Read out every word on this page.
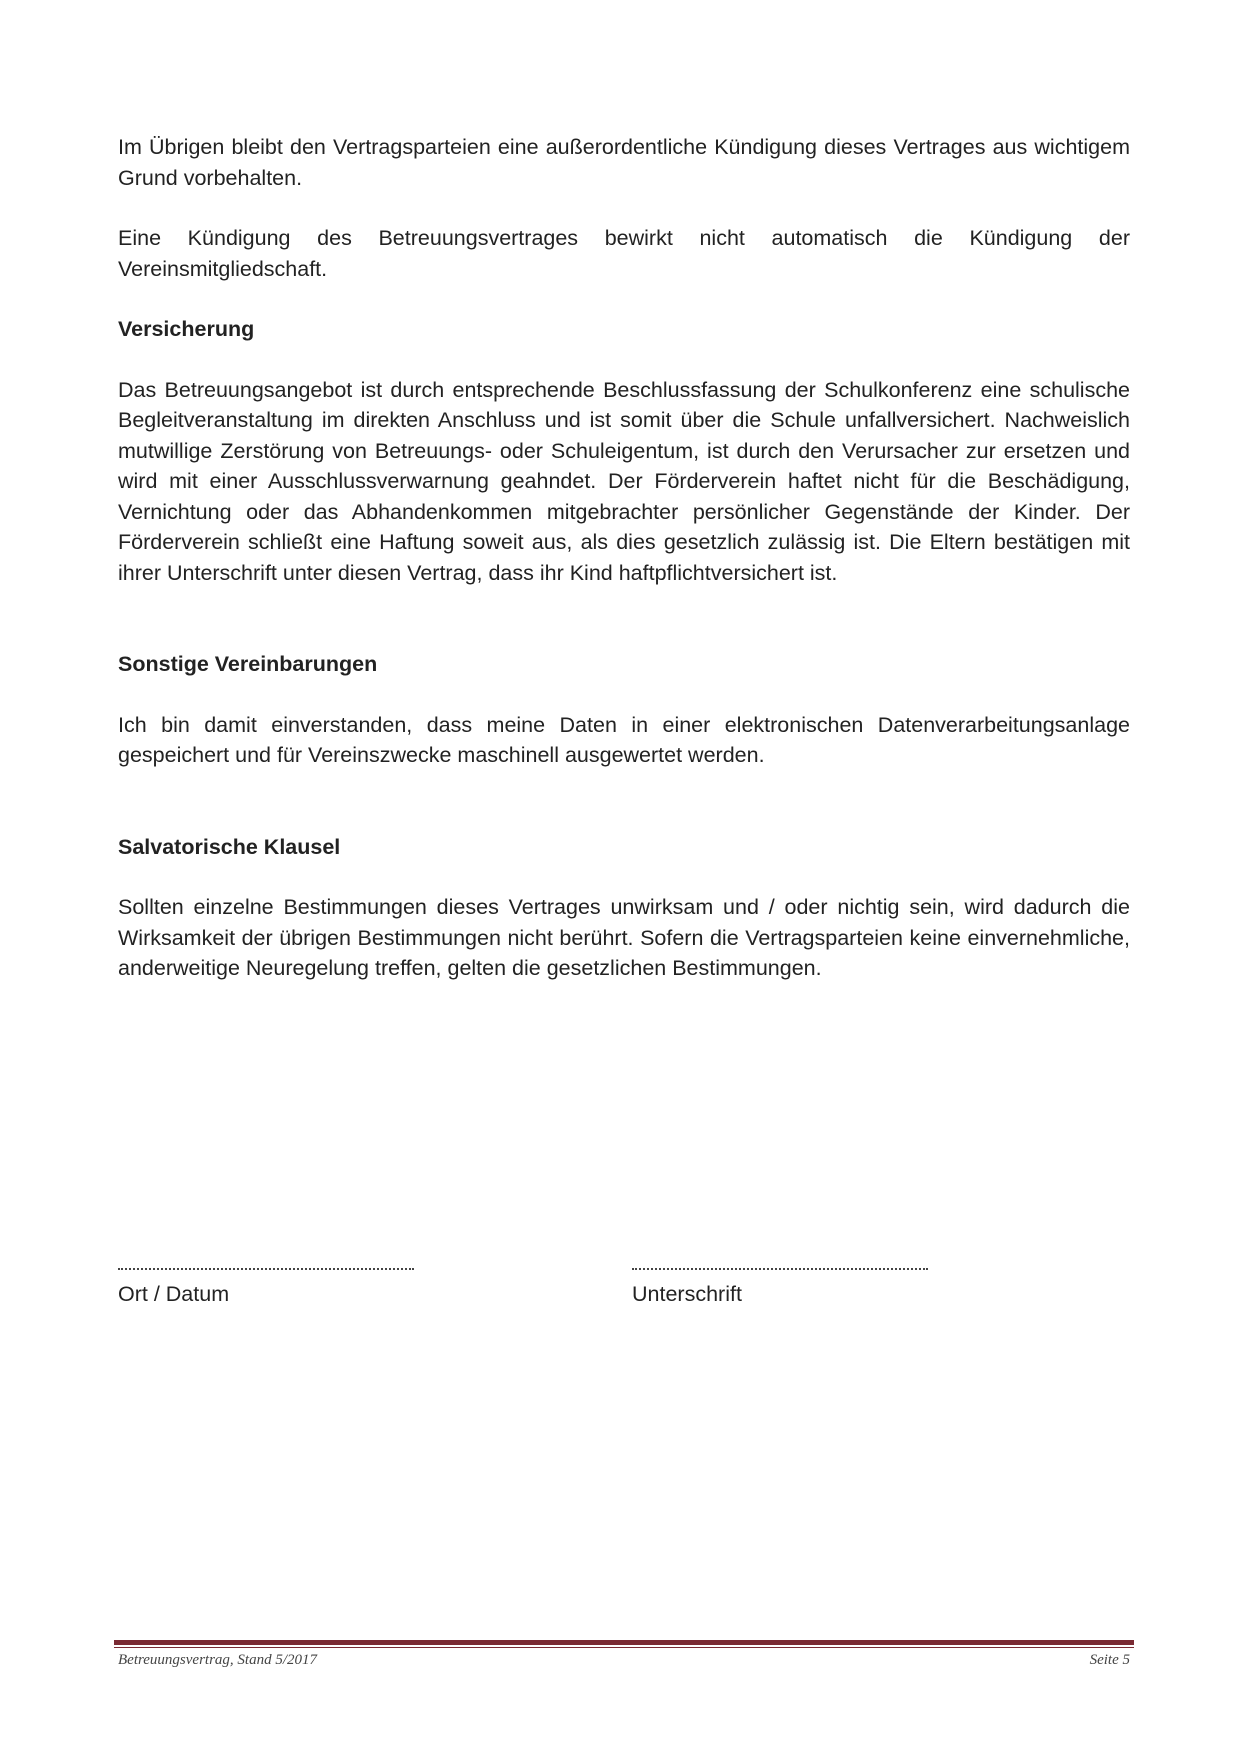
Im Übrigen bleibt den Vertragsparteien eine außerordentliche Kündigung dieses Vertrages aus wichtigem Grund vorbehalten.

Eine Kündigung des Betreuungsvertrages bewirkt nicht automatisch die Kündigung der Vereinsmitgliedschaft.

Versicherung

Das Betreuungsangebot ist durch entsprechende Beschlussfassung der Schulkonferenz eine schulische Begleitveranstaltung im direkten Anschluss und ist somit über die Schule unfallversichert. Nachweislich mutwillige Zerstörung von Betreuungs- oder Schuleigentum, ist durch den Verursacher zur ersetzen und wird mit einer Ausschlussverwarnung geahndet. Der Förderverein haftet nicht für die Beschädigung, Vernichtung oder das Abhandenkommen mitgebrachter persönlicher Gegenstände der Kinder. Der Förderverein schließt eine Haftung soweit aus, als dies gesetzlich zulässig ist. Die Eltern bestätigen mit ihrer Unterschrift unter diesen Vertrag, dass ihr Kind haftpflichtversichert ist.

Sonstige Vereinbarungen

Ich bin damit einverstanden, dass meine Daten in einer elektronischen Datenverarbeitungsanlage gespeichert und für Vereinszwecke maschinell ausgewertet werden.

Salvatorische Klausel

Sollten einzelne Bestimmungen dieses Vertrages unwirksam und / oder nichtig sein, wird dadurch die Wirksamkeit der übrigen Bestimmungen nicht berührt. Sofern die Vertragsparteien keine einvernehmliche, anderweitige Neuregelung treffen, gelten die gesetzlichen Bestimmungen.

Ort / Datum	Unterschrift
Betreuungsvertrag, Stand 5/2017	Seite 5
